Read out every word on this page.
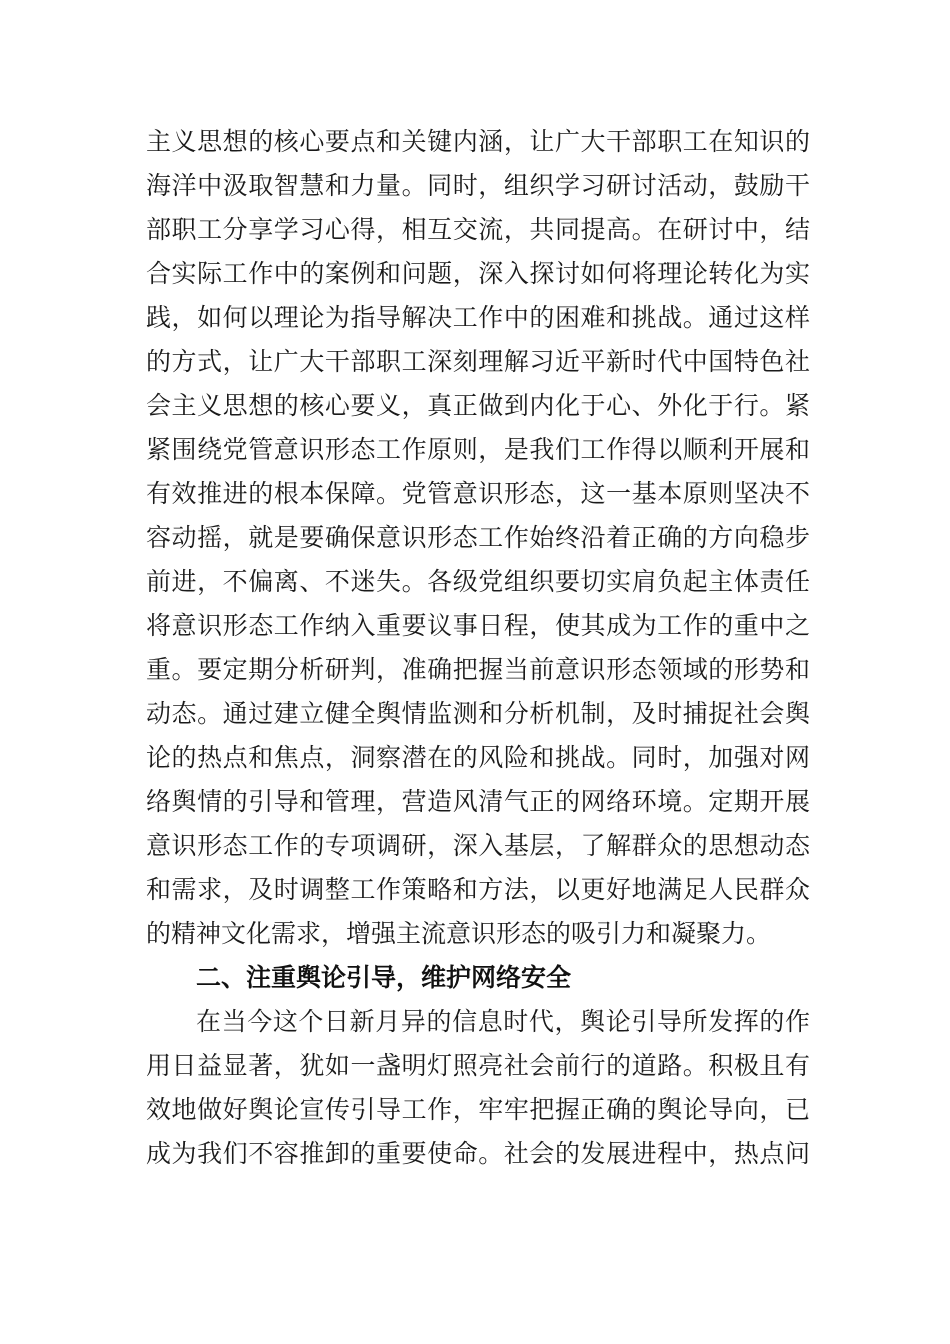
主义思想的核心要点和关键内涵，让广大干部职工在知识的
海洋中汲取智慧和力量。同时，组织学习研讨活动，鼓励干
部职工分享学习心得，相互交流，共同提高。在研讨中，结
合实际工作中的案例和问题，深入探讨如何将理论转化为实
践，如何以理论为指导解决工作中的困难和挑战。通过这样
的方式，让广大干部职工深刻理解习近平新时代中国特色社
会主义思想的核心要义，真正做到内化于心、外化于行。紧
紧围绕党管意识形态工作原则，是我们工作得以顺利开展和
有效推进的根本保障。党管意识形态，这一基本原则坚决不
容动摇，就是要确保意识形态工作始终沿着正确的方向稳步
前进，不偏离、不迷失。各级党组织要切实肩负起主体责任
将意识形态工作纳入重要议事日程，使其成为工作的重中之
重。要定期分析研判，准确把握当前意识形态领域的形势和
动态。通过建立健全舆情监测和分析机制，及时捕捉社会舆
论的热点和焦点，洞察潜在的风险和挑战。同时，加强对网
络舆情的引导和管理，营造风清气正的网络环境。定期开展
意识形态工作的专项调研，深入基层，了解群众的思想动态
和需求，及时调整工作策略和方法，以更好地满足人民群众
的精神文化需求，增强主流意识形态的吸引力和凝聚力。
二、注重舆论引导，维护网络安全
在当今这个日新月异的信息时代，舆论引导所发挥的作
用日益显著，犹如一盏明灯照亮社会前行的道路。积极且有
效地做好舆论宣传引导工作，牢牢把握正确的舆论导向，已
成为我们不容推卸的重要使命。社会的发展进程中，热点问
